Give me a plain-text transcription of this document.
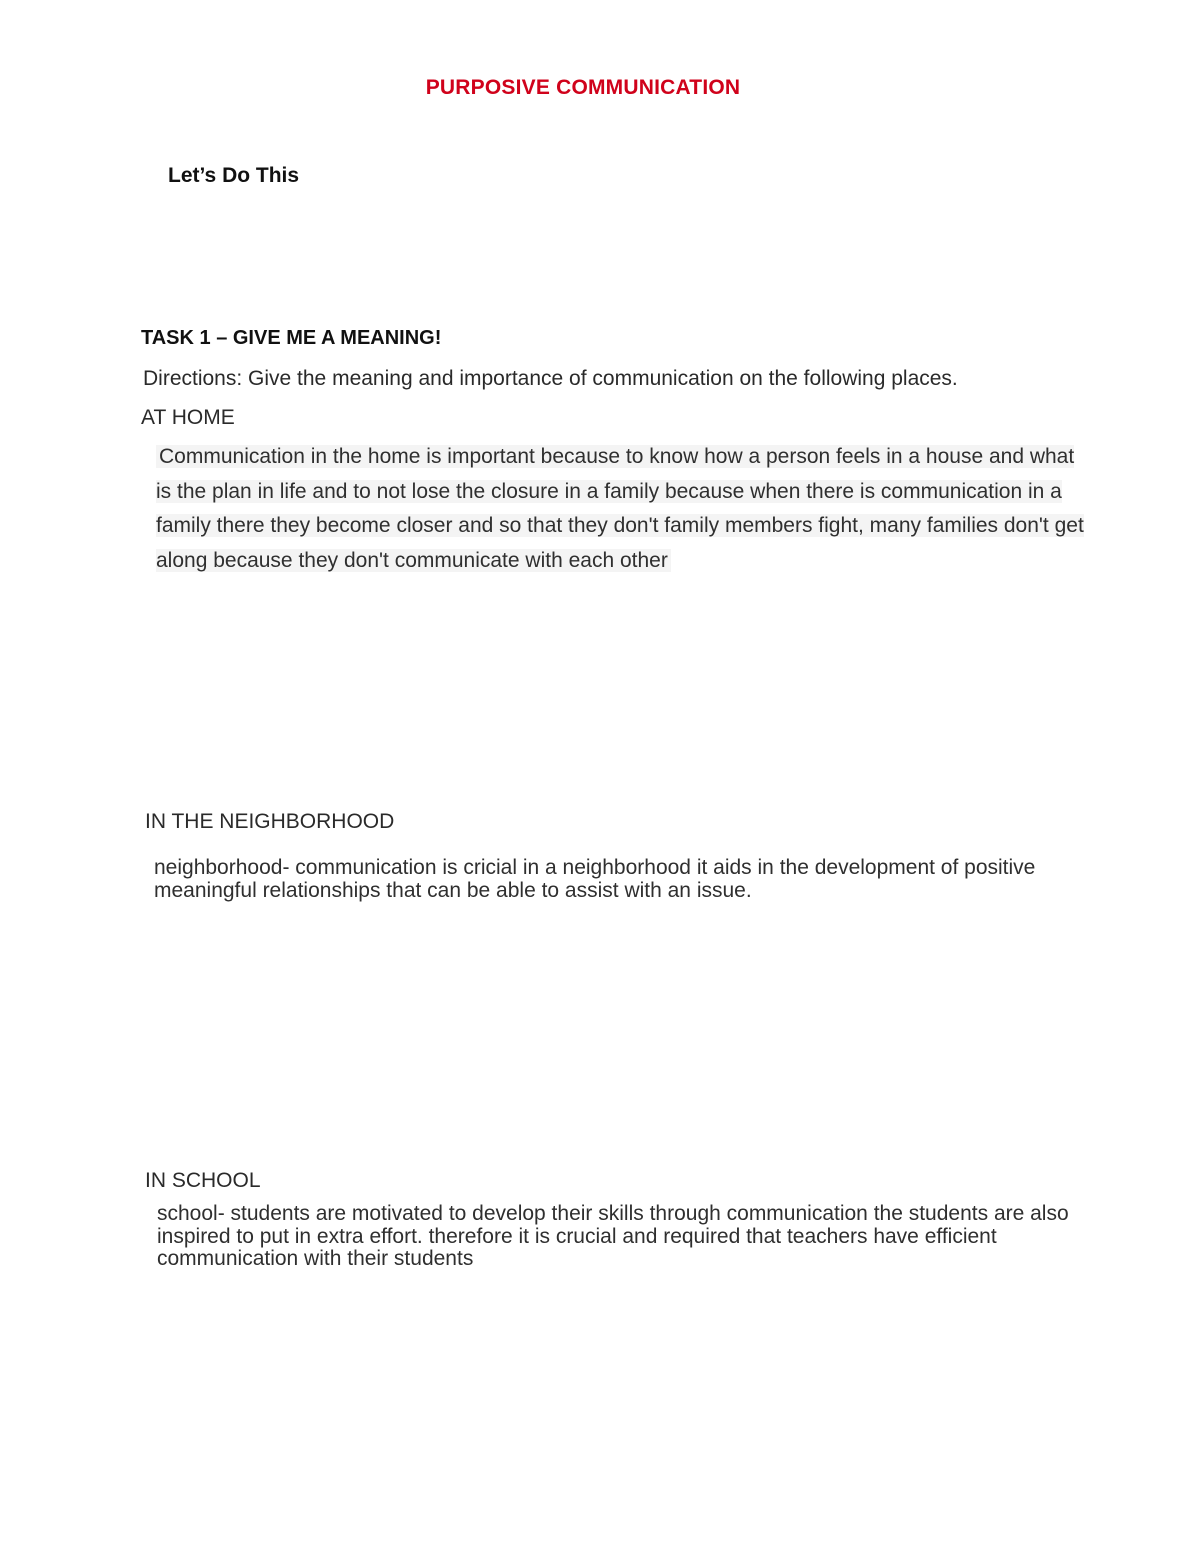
PURPOSIVE COMMUNICATION

Let’s Do This

TASK 1 – GIVE ME A MEANING!

Directions: Give the meaning and importance of communication on the following places.

AT HOME

Communication in the home is important because to know how a person feels in a house and what is the plan in life and to not lose the closure in a family because when there is communication in a family there they become closer and so that they don't family members fight, many families don't get along because they don't communicate with each other

IN THE NEIGHBORHOOD

neighborhood- communication is cricial in a neighborhood it aids in the development of positive meaningful relationships that can be able to assist with an issue.

IN SCHOOL

school- students are motivated to develop their skills through communication the students are also inspired to put in extra effort. therefore it is crucial and required that teachers have efficient communication with their students
